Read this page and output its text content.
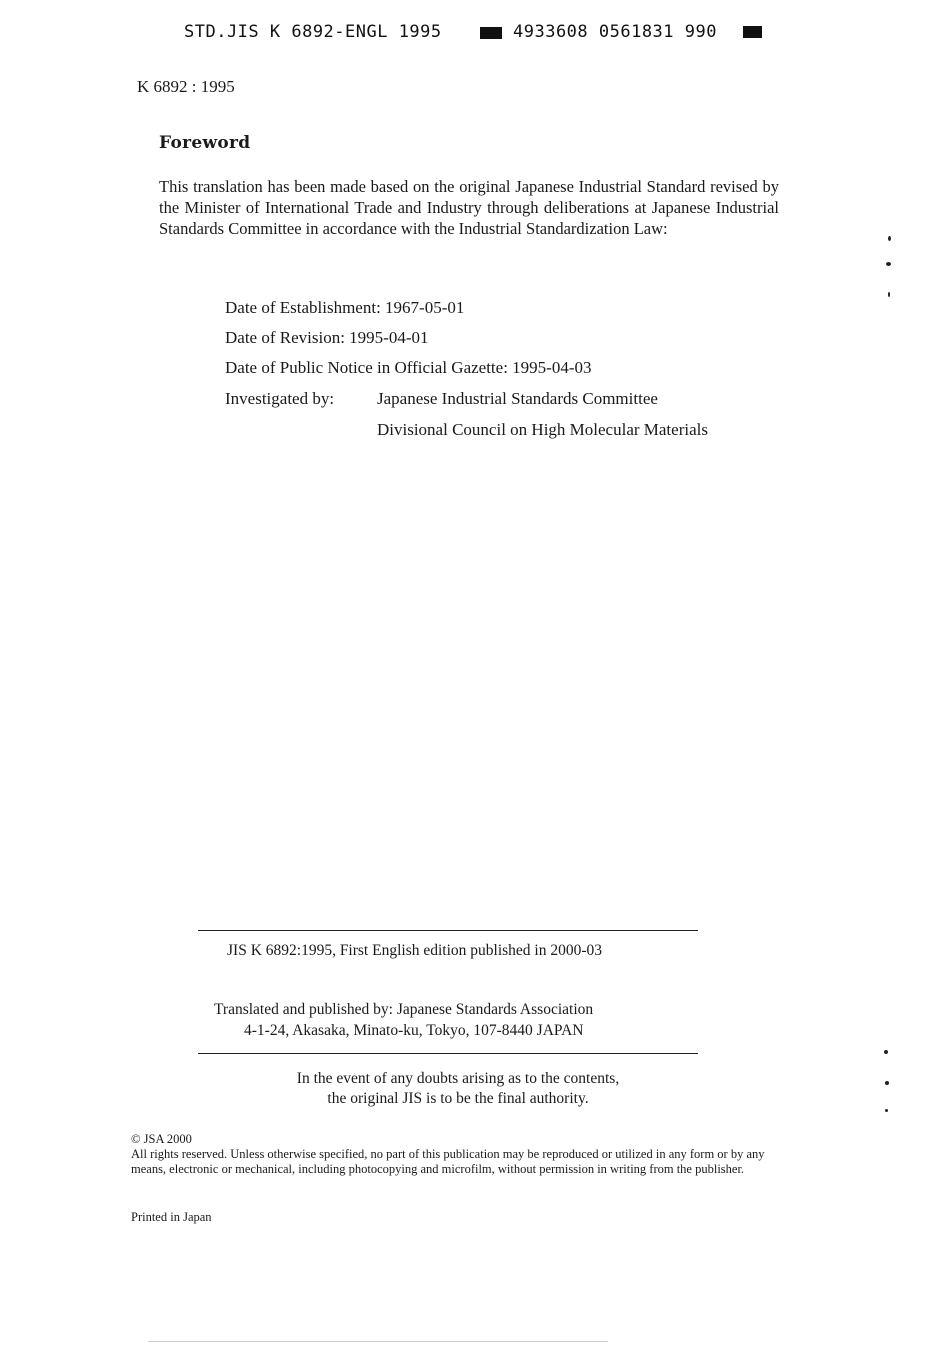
STD.JIS K 6892-ENGL 1995	4933608 0561831 990
K 6892 : 1995
Foreword
This translation has been made based on the original Japanese Industrial Standard revised by the Minister of International Trade and Industry through deliberations at Japanese Industrial Standards Committee in accordance with the Industrial Standardization Law:
Date of Establishment: 1967-05-01
Date of Revision: 1995-04-01
Date of Public Notice in Official Gazette: 1995-04-03
Investigated by:	Japanese Industrial Standards Committee
Divisional Council on High Molecular Materials
JIS K 6892:1995, First English edition published in 2000-03
Translated and published by: Japanese Standards Association
4-1-24, Akasaka, Minato-ku, Tokyo, 107-8440 JAPAN
In the event of any doubts arising as to the contents,
the original JIS is to be the final authority.
© JSA 2000
All rights reserved. Unless otherwise specified, no part of this publication may be reproduced or utilized in any form or by any means, electronic or mechanical, including photocopying and microfilm, without permission in writing from the publisher.
Printed in Japan
